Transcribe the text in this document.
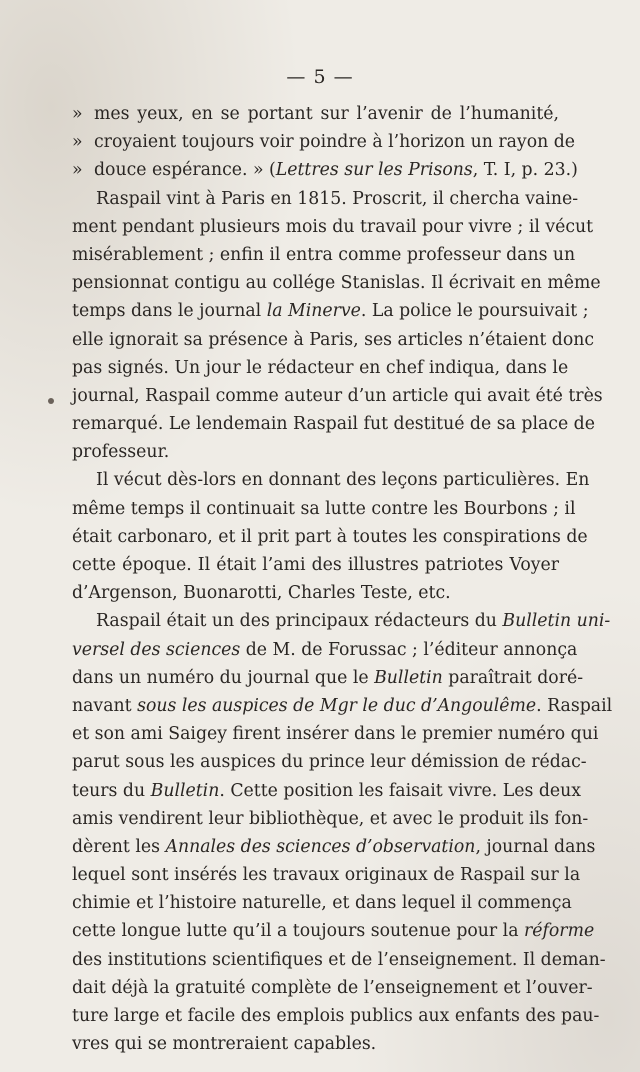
— 5 —
» mes yeux, en se portant sur l’avenir de l’humanité,
» croyaient toujours voir poindre à l’horizon un rayon de
» douce espérance. » (Lettres sur les Prisons, T. I, p. 23.)
Raspail vint à Paris en 1815. Proscrit, il chercha vaine-
ment pendant plusieurs mois du travail pour vivre ; il vécut
misérablement ; enfin il entra comme professeur dans un
pensionnat contigu au collége Stanislas. Il écrivait en même
temps dans le journal la Minerve. La police le poursuivait ;
elle ignorait sa présence à Paris, ses articles n’étaient donc
pas signés. Un jour le rédacteur en chef indiqua, dans le
journal, Raspail comme auteur d’un article qui avait été très
remarqué. Le lendemain Raspail fut destitué de sa place de
professeur.
Il vécut dès-lors en donnant des leçons particulières. En
même temps il continuait sa lutte contre les Bourbons ; il
était carbonaro, et il prit part à toutes les conspirations de
cette époque. Il était l’ami des illustres patriotes Voyer
d’Argenson, Buonarotti, Charles Teste, etc.
Raspail était un des principaux rédacteurs du Bulletin uni-
versel des sciences de M. de Forussac ; l’éditeur annonça
dans un numéro du journal que le Bulletin paraîtrait doré-
navant sous les auspices de Mgr le duc d’Angoulême. Raspail
et son ami Saigey firent insérer dans le premier numéro qui
parut sous les auspices du prince leur démission de rédac-
teurs du Bulletin. Cette position les faisait vivre. Les deux
amis vendirent leur bibliothèque, et avec le produit ils fon-
dèrent les Annales des sciences d’observation, journal dans
lequel sont insérés les travaux originaux de Raspail sur la
chimie et l’histoire naturelle, et dans lequel il commença
cette longue lutte qu’il a toujours soutenue pour la réforme
des institutions scientifiques et de l’enseignement. Il deman-
dait déjà la gratuité complète de l’enseignement et l’ouver-
ture large et facile des emplois publics aux enfants des pau-
vres qui se montreraient capables.
